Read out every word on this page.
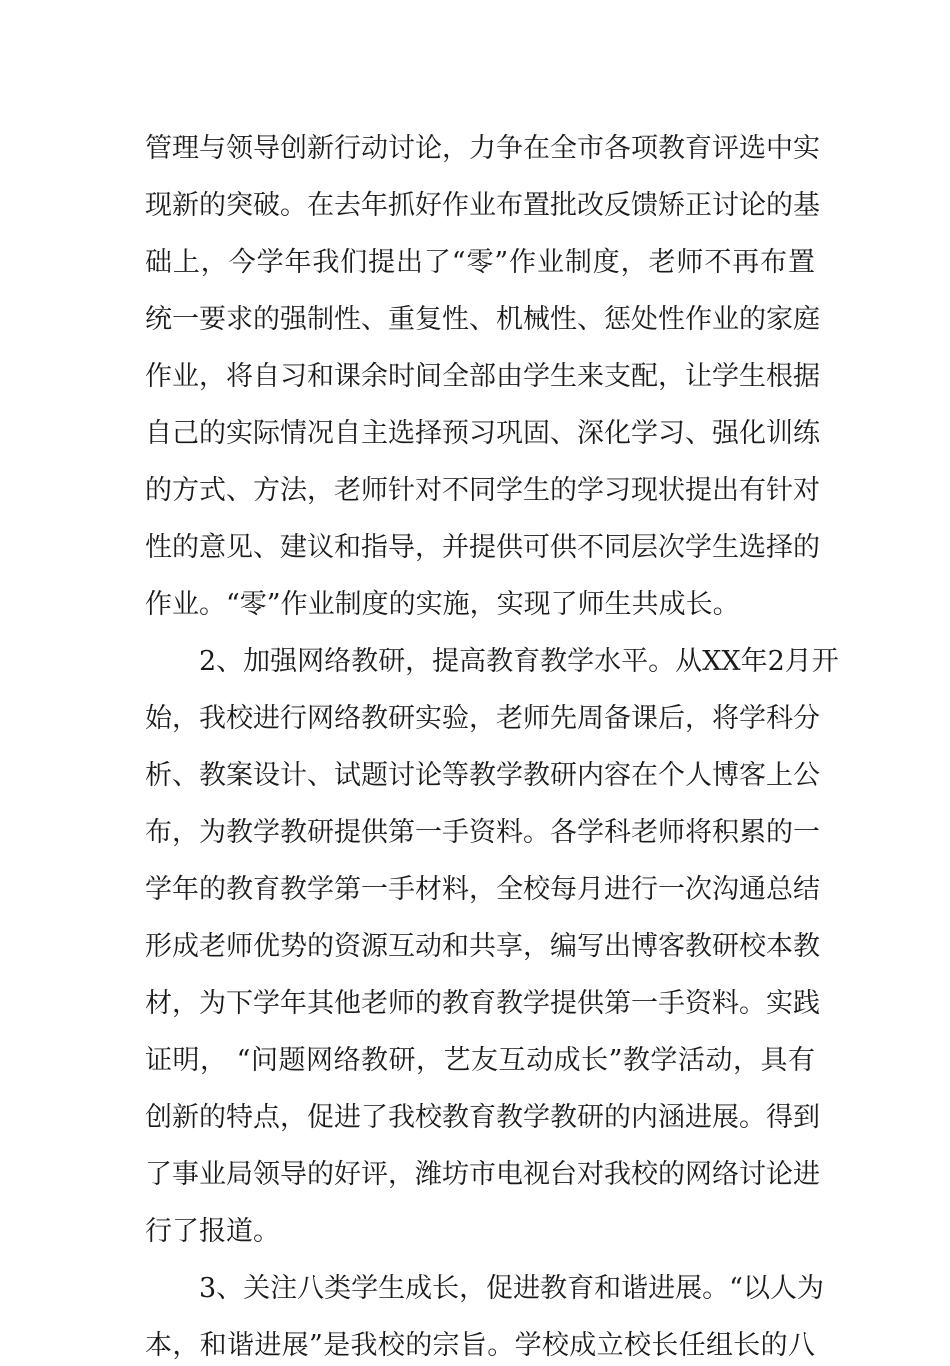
管理与领导创新行动讨论，力争在全市各项教育评选中实
现新的突破。在去年抓好作业布置批改反馈矫正讨论的基
础上，今学年我们提出了“零”作业制度，老师不再布置
统一要求的强制性、重复性、机械性、惩处性作业的家庭
作业，将自习和课余时间全部由学生来支配，让学生根据
自己的实际情况自主选择预习巩固、深化学习、强化训练
的方式、方法，老师针对不同学生的学习现状提出有针对
性的意见、建议和指导，并提供可供不同层次学生选择的
作业。“零”作业制度的实施，实现了师生共成长。
2、加强网络教研，提高教育教学水平。从XX年2月开
始，我校进行网络教研实验，老师先周备课后，将学科分
析、教案设计、试题讨论等教学教研内容在个人博客上公
布，为教学教研提供第一手资料。各学科老师将积累的一
学年的教育教学第一手材料，全校每月进行一次沟通总结
形成老师优势的资源互动和共享，编写出博客教研校本教
材，为下学年其他老师的教育教学提供第一手资料。实践
证明， “问题网络教研，艺友互动成长”教学活动，具有
创新的特点，促进了我校教育教学教研的内涵进展。得到
了事业局领导的好评，潍坊市电视台对我校的网络讨论进
行了报道。
3、关注八类学生成长，促进教育和谐进展。“以人为
本，和谐进展”是我校的宗旨。学校成立校长任组长的八
